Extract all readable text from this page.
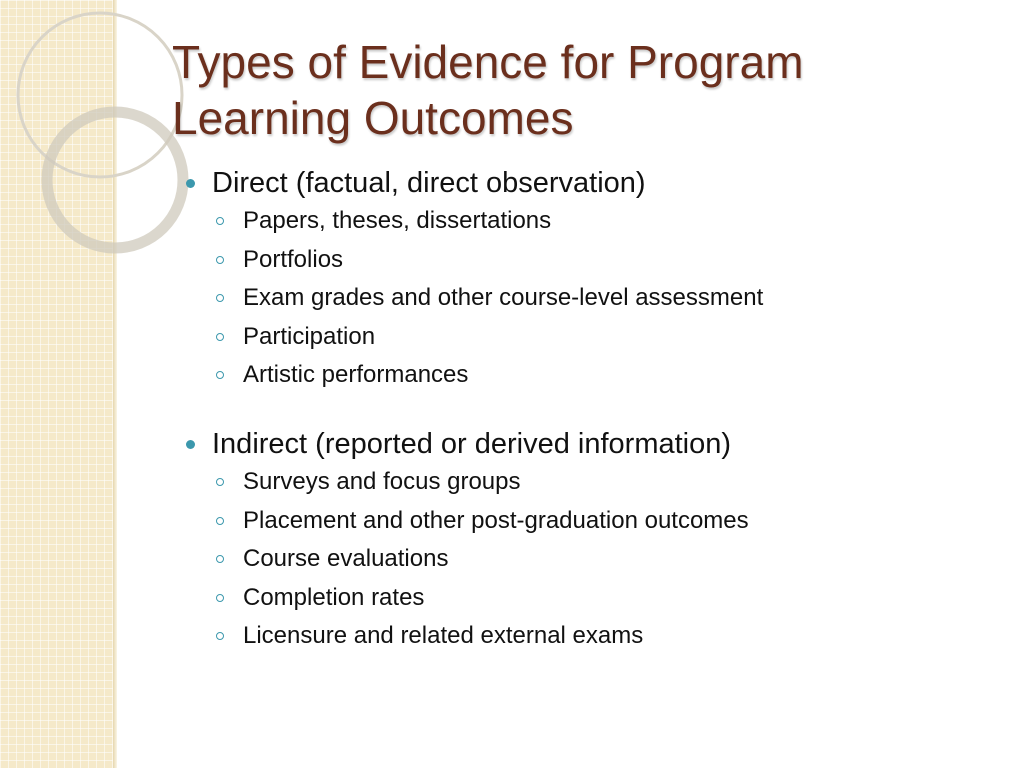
Types of Evidence for Program
Learning Outcomes
Direct (factual, direct observation)
Papers, theses, dissertations
Portfolios
Exam grades and other course-level assessment
Participation
Artistic performances
Indirect (reported or derived information)
Surveys and focus groups
Placement and other post-graduation outcomes
Course evaluations
Completion rates
Licensure and related external exams
